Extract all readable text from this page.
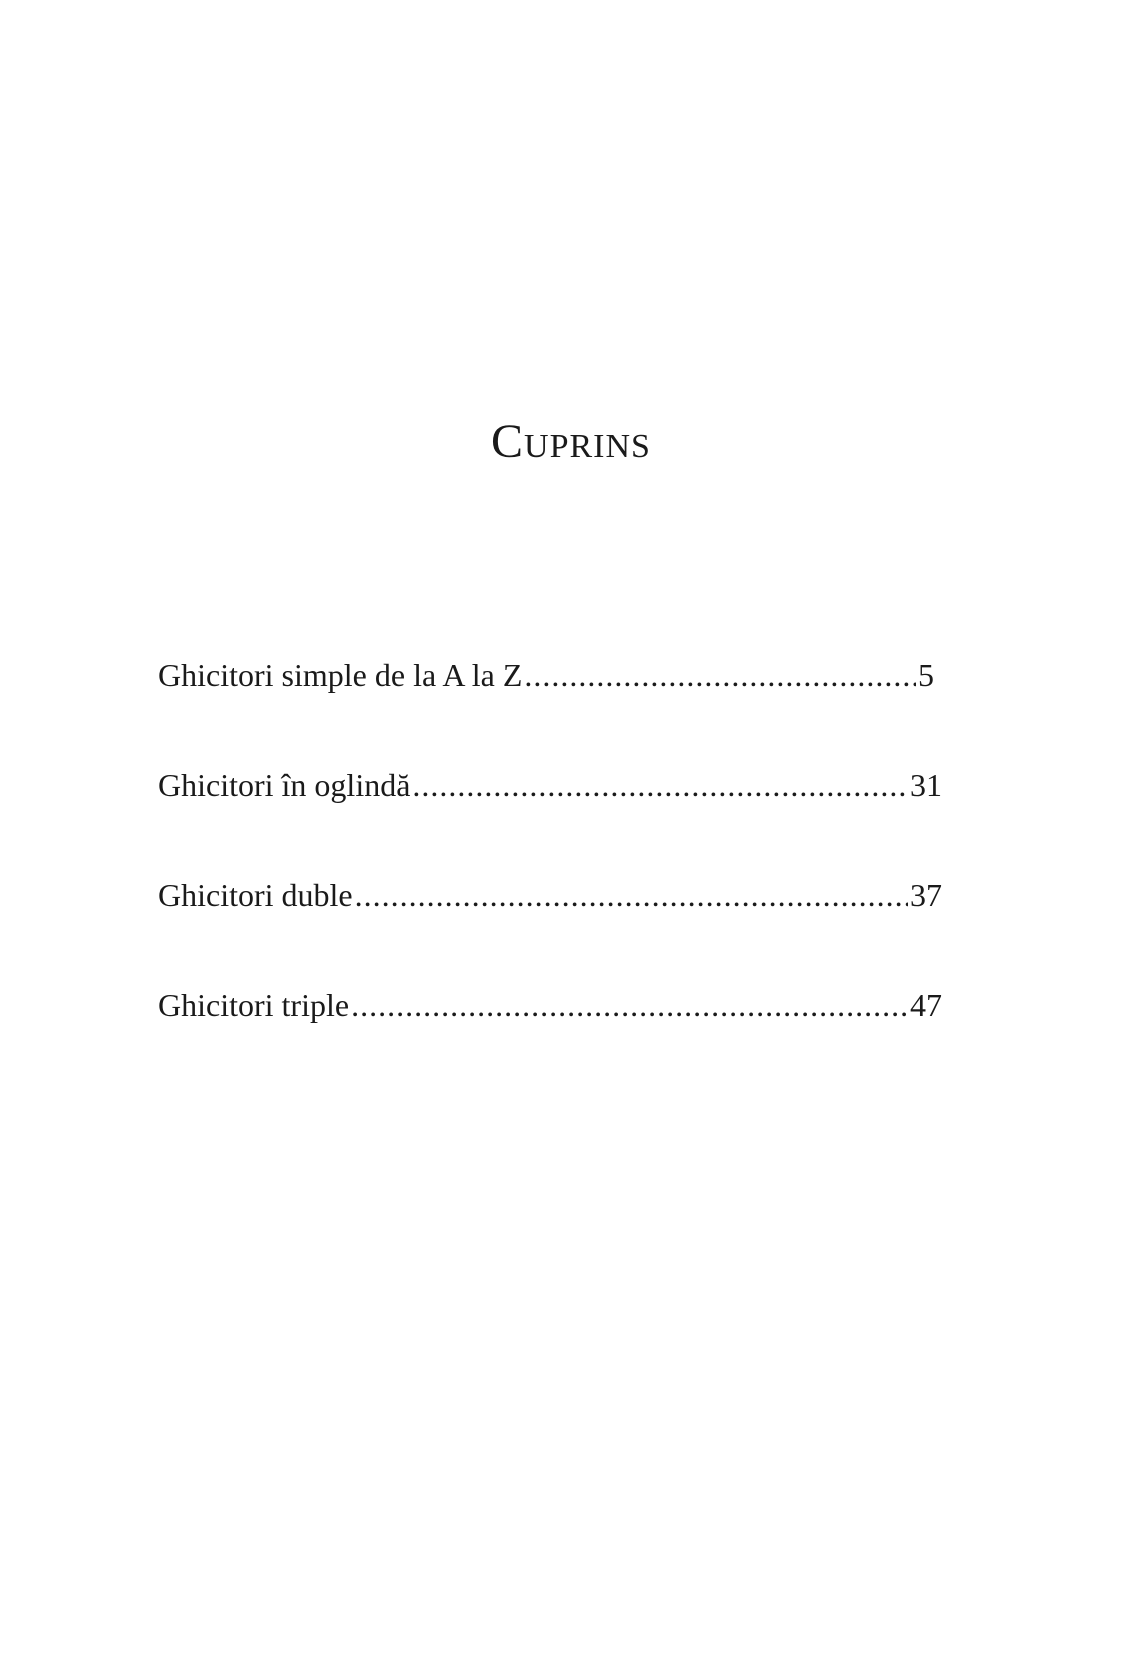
Cuprins
Ghicitori simple de la A la Z .....	5
Ghicitori în oglindă .....	31
Ghicitori duble .....	37
Ghicitori triple .....	47
